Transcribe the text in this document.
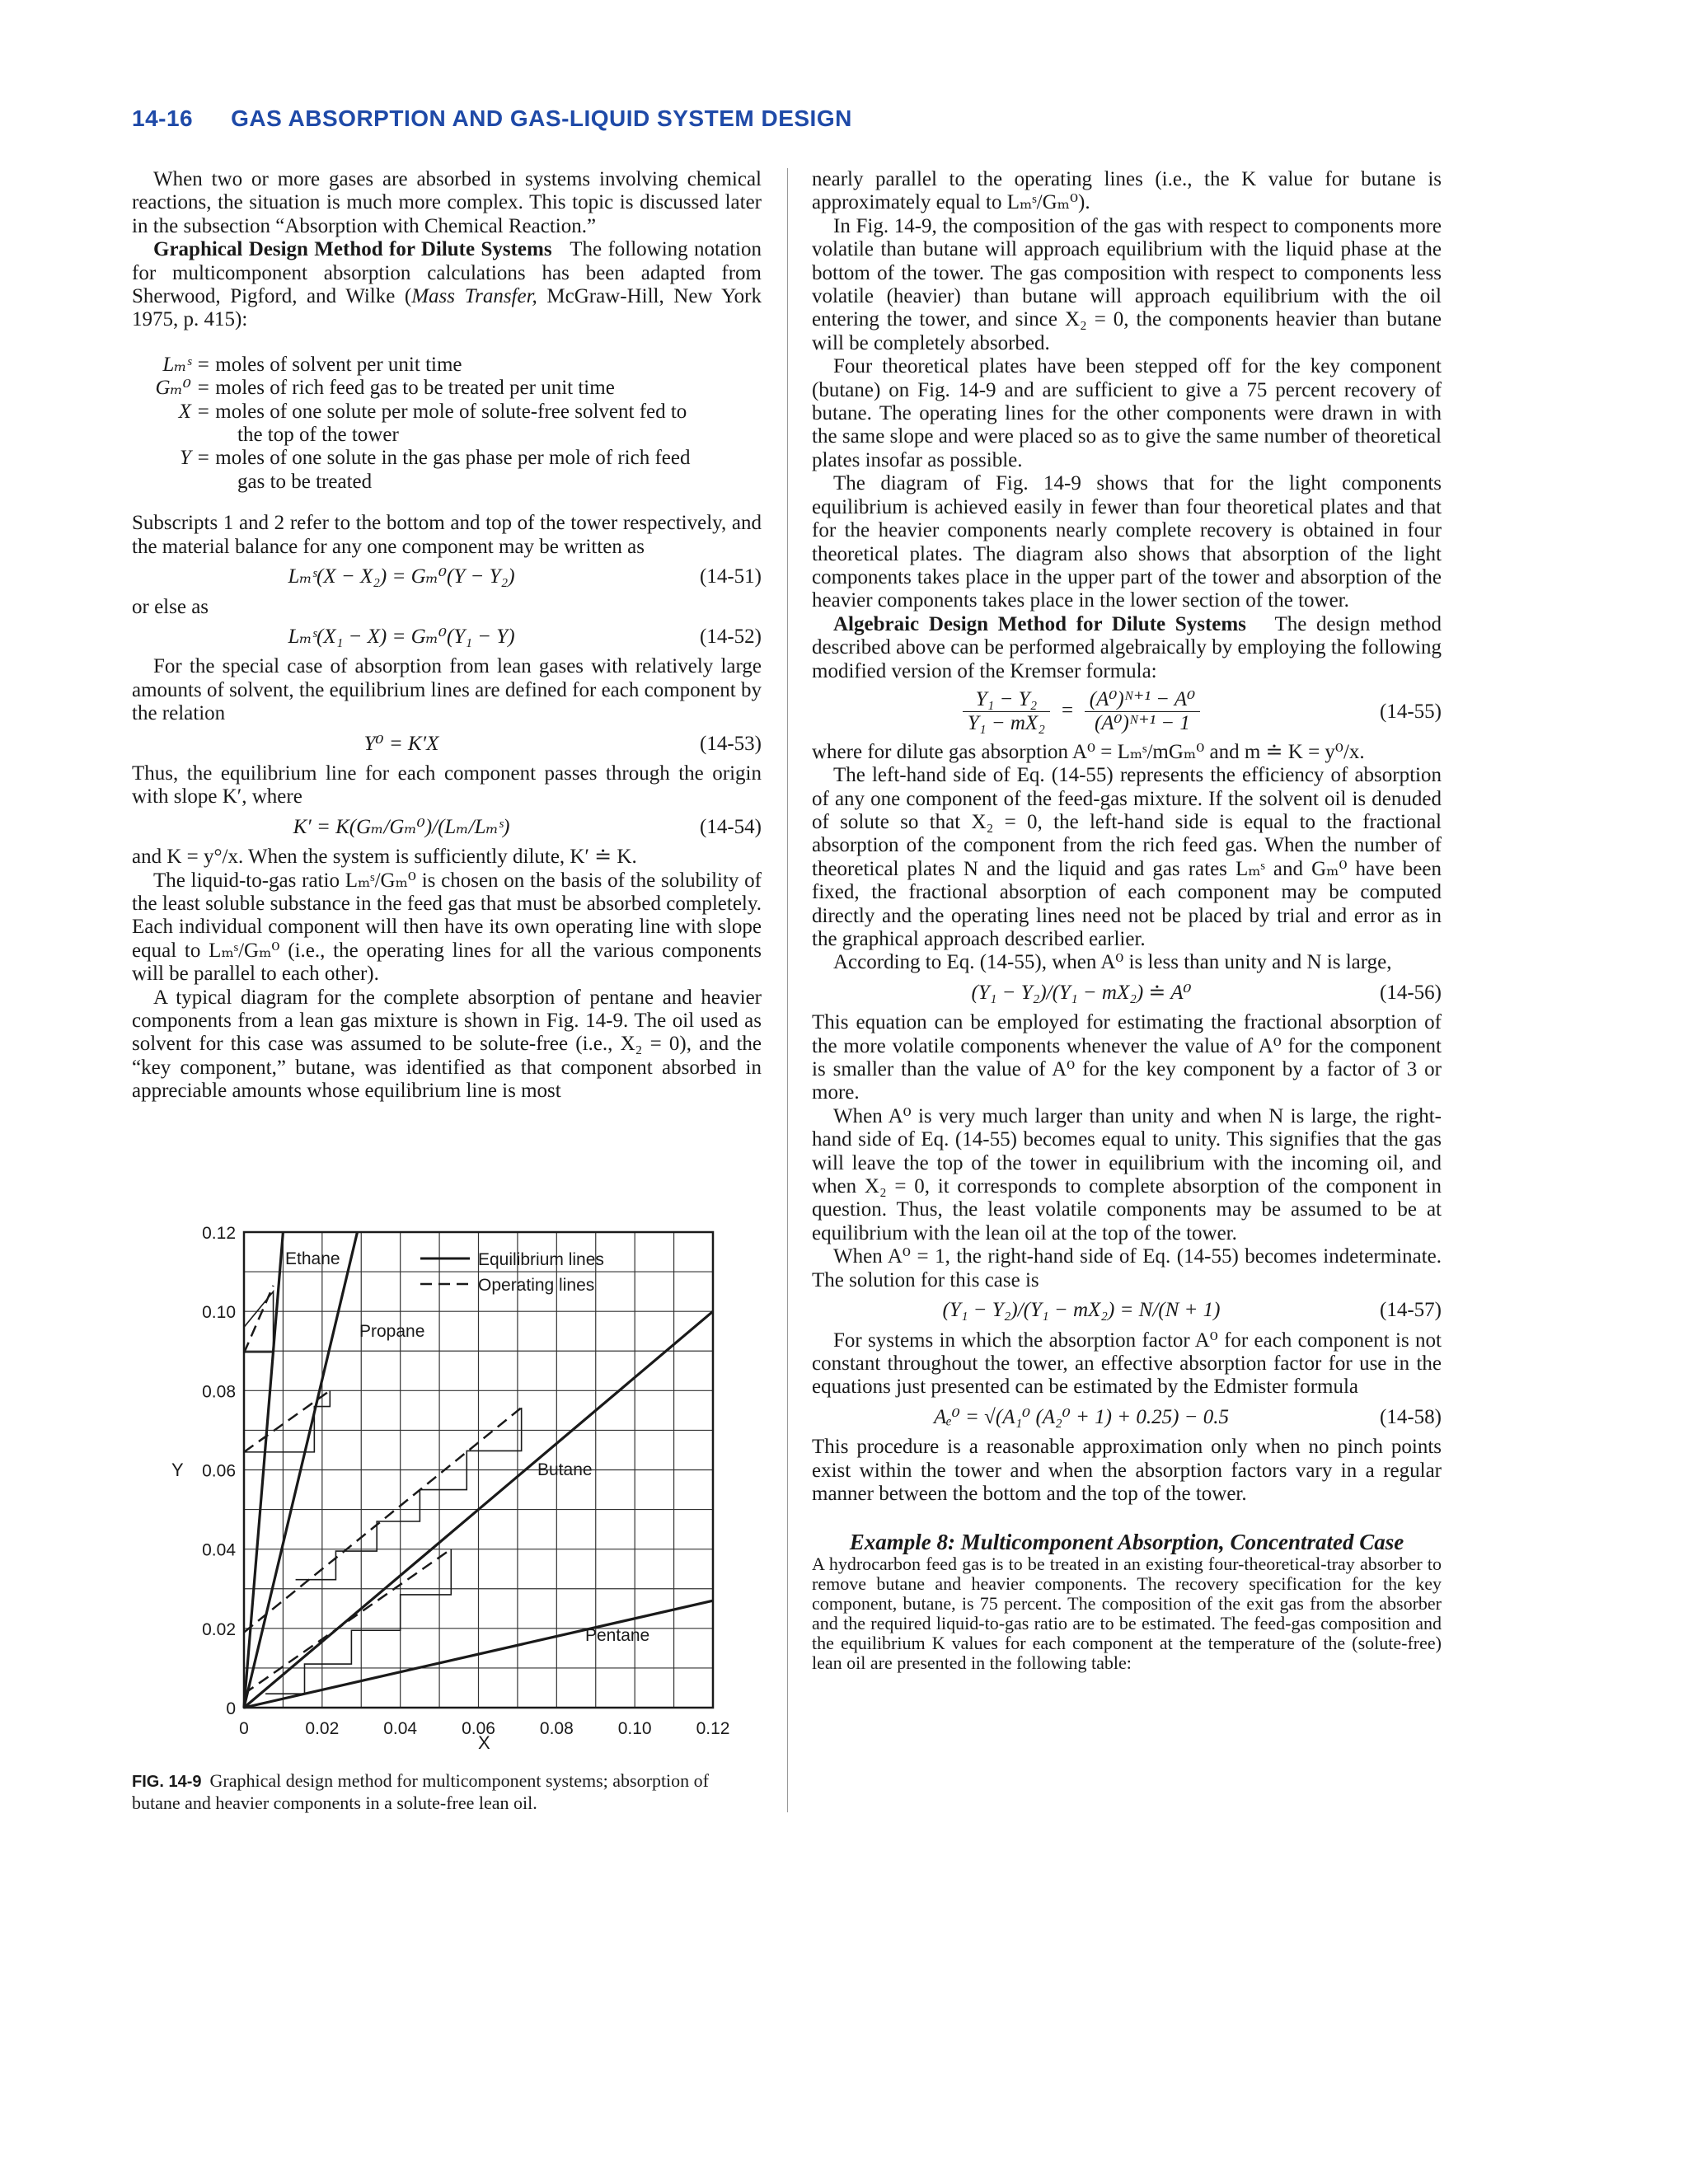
14-16 GAS ABSORPTION AND GAS-LIQUID SYSTEM DESIGN

When two or more gases are absorbed in systems involving chemical reactions, the situation is much more complex. This topic is discussed later in the subsection “Absorption with Chemical Reaction.”

Graphical Design Method for Dilute Systems The following notation for multicomponent absorption calculations has been adapted from Sherwood, Pigford, and Wilke (Mass Transfer, McGraw-Hill, New York 1975, p. 415):

Lₘˢ =
moles of solvent per unit time
Gₘ⁰ =
moles of rich feed gas to be treated per unit time
X =
moles of one solute per mole of solute-free solvent fed to
the top of the tower
Y =
moles of one solute in the gas phase per mole of rich feed
gas to be treated

Subscripts 1 and 2 refer to the bottom and top of the tower respectively, and the material balance for any one component may be written as

Lₘˢ(X − X₂) = Gₘ⁰(Y − Y₂)	(14-51)

or else as

Lₘˢ(X₁ − X) = Gₘ⁰(Y₁ − Y)	(14-52)

For the special case of absorption from lean gases with relatively large amounts of solvent, the equilibrium lines are defined for each component by the relation

Y⁰ = K′X	(14-53)

Thus, the equilibrium line for each component passes through the origin with slope K′, where

K′ = K(Gₘ/Gₘ⁰)/(Lₘ/Lₘˢ)	(14-54)

and K = y°/x. When the system is sufficiently dilute, K′ ≐ K.

The liquid-to-gas ratio Lₘˢ/Gₘ⁰ is chosen on the basis of the solubility of the least soluble substance in the feed gas that must be absorbed completely. Each individual component will then have its own operating line with slope equal to Lₘˢ/Gₘ⁰ (i.e., the operating lines for all the various components will be parallel to each other).

A typical diagram for the complete absorption of pentane and heavier components from a lean gas mixture is shown in Fig. 14-9. The oil used as solvent for this case was assumed to be solute-free (i.e., X₂ = 0), and the “key component,” butane, was identified as that component absorbed in appreciable amounts whose equilibrium line is most

0	0.02	0.04	0.06	0.08	0.10	0.12
0
0.02
0.04
0.06
0.08
0.10
0.12
Equilibrium lines
Operating lines
Ethane
Propane
Butane
Pentane
X
Y
FIG. 14-9 Graphical design method for multicomponent systems; absorption of butane and heavier components in a solute-free lean oil.

nearly parallel to the operating lines (i.e., the K value for butane is approximately equal to Lₘˢ/Gₘ⁰).

In Fig. 14-9, the composition of the gas with respect to components more volatile than butane will approach equilibrium with the liquid phase at the bottom of the tower. The gas composition with respect to components less volatile (heavier) than butane will approach equilibrium with the oil entering the tower, and since X₂ = 0, the components heavier than butane will be completely absorbed.

Four theoretical plates have been stepped off for the key component (butane) on Fig. 14-9 and are sufficient to give a 75 percent recovery of butane. The operating lines for the other components were drawn in with the same slope and were placed so as to give the same number of theoretical plates insofar as possible.

The diagram of Fig. 14-9 shows that for the light components equilibrium is achieved easily in fewer than four theoretical plates and that for the heavier components nearly complete recovery is obtained in four theoretical plates. The diagram also shows that absorption of the light components takes place in the upper part of the tower and absorption of the heavier components takes place in the lower section of the tower.

Algebraic Design Method for Dilute Systems The design method described above can be performed algebraically by employing the following modified version of the Kremser formula:

$\frac{\text{Y₁ − Y₂}}{\text{Y₁ − mX₂}} = \frac{\text{(A⁰)ᴺ⁺¹ − A⁰}}{\text{(A⁰)ᴺ⁺¹ − 1}}$	(14-55)

where for dilute gas absorption A⁰ = Lₘˢ/mGₘ⁰ and m ≐ K = y⁰/x.

The left-hand side of Eq. (14-55) represents the efficiency of absorption of any one component of the feed-gas mixture. If the solvent oil is denuded of solute so that X₂ = 0, the left-hand side is equal to the fractional absorption of the component from the rich feed gas. When the number of theoretical plates N and the liquid and gas rates Lₘˢ and Gₘ⁰ have been fixed, the fractional absorption of each component may be computed directly and the operating lines need not be placed by trial and error as in the graphical approach described earlier.

According to Eq. (14-55), when A⁰ is less than unity and N is large,

(Y₁ − Y₂)/(Y₁ − mX₂) ≐ A⁰	(14-56)

This equation can be employed for estimating the fractional absorption of the more volatile components whenever the value of A⁰ for the component is smaller than the value of A⁰ for the key component by a factor of 3 or more.

When A⁰ is very much larger than unity and when N is large, the right-hand side of Eq. (14-55) becomes equal to unity. This signifies that the gas will leave the top of the tower in equilibrium with the incoming oil, and when X₂ = 0, it corresponds to complete absorption of the component in question. Thus, the least volatile components may be assumed to be at equilibrium with the lean oil at the top of the tower.

When A⁰ = 1, the right-hand side of Eq. (14-55) becomes indeterminate. The solution for this case is

(Y₁ − Y₂)/(Y₁ − mX₂) = N/(N + 1)	(14-57)

For systems in which the absorption factor A⁰ for each component is not constant throughout the tower, an effective absorption factor for use in the equations just presented can be estimated by the Edmister formula

Aₑ⁰ = √(A₁⁰ (A₂⁰ + 1) + 0.25) − 0.5	(14-58)

This procedure is a reasonable approximation only when no pinch points exist within the tower and when the absorption factors vary in a regular manner between the bottom and the top of the tower.

Example 8: Multicomponent Absorption, Concentrated Case

A hydrocarbon feed gas is to be treated in an existing four-theoretical-tray absorber to remove butane and heavier components. The recovery specification for the key component, butane, is 75 percent. The composition of the exit gas from the absorber and the required liquid-to-gas ratio are to be estimated. The feed-gas composition and the equilibrium K values for each component at the temperature of the (solute-free) lean oil are presented in the following table:
